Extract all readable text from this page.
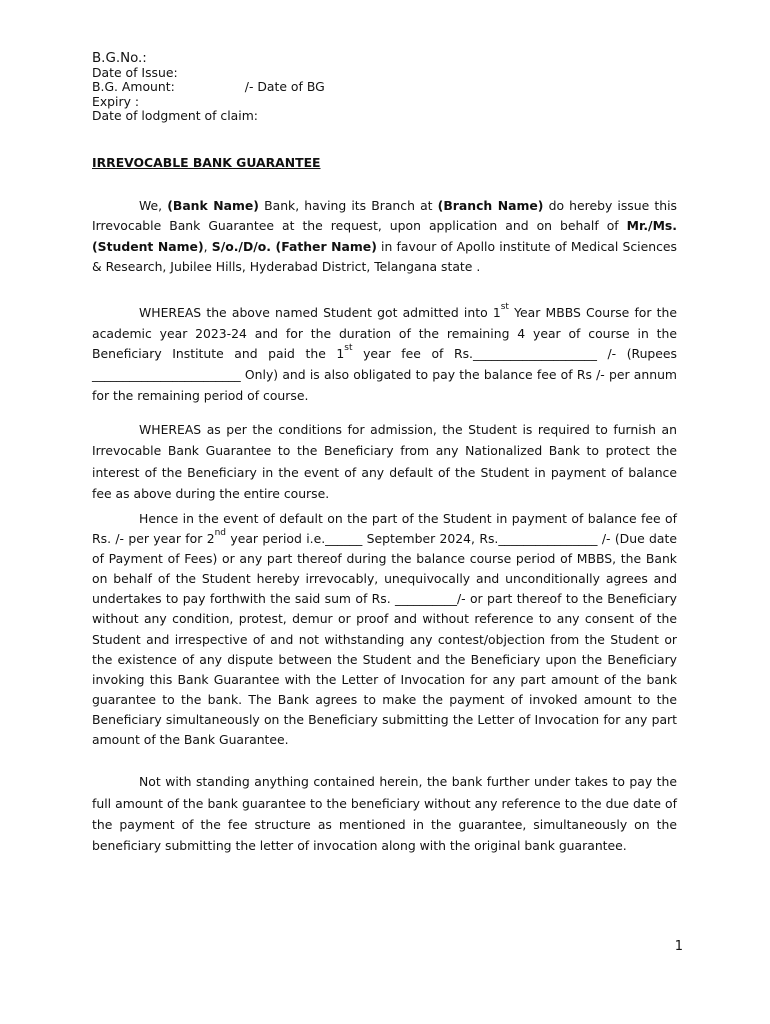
B.G.No.:
Date of Issue:
B.G. Amount:	/- Date of BG
Expiry :
Date of lodgment of claim:
IRREVOCABLE BANK GUARANTEE

We, (Bank Name) Bank, having its Branch at (Branch Name) do hereby issue this Irrevocable Bank Guarantee at the request, upon application and on behalf of Mr./Ms. (Student Name), S/o./D/o. (Father Name) in favour of Apollo institute of Medical Sciences & Research, Jubilee Hills, Hyderabad District, Telangana state .

WHEREAS the above named Student got admitted into 1st Year MBBS Course for the academic year 2023-24 and for the duration of the remaining 4 year of course in the Beneficiary Institute and paid the 1st year fee of Rs.____________________ /- (Rupees ________________________ Only) and is also obligated to pay the balance fee of Rs /- per annum for the remaining period of course.

WHEREAS as per the conditions for admission, the Student is required to furnish an Irrevocable Bank Guarantee to the Beneficiary from any Nationalized Bank to protect the interest of the Beneficiary in the event of any default of the Student in payment of balance fee as above during the entire course.

Hence in the event of default on the part of the Student in payment of balance fee of Rs. /- per year for 2nd year period i.e.______ September 2024, Rs.________________ /- (Due date of Payment of Fees) or any part thereof during the balance course period of MBBS, the Bank on behalf of the Student hereby irrevocably, unequivocally and unconditionally agrees and undertakes to pay forthwith the said sum of Rs. __________/- or part thereof to the Beneficiary without any condition, protest, demur or proof and without reference to any consent of the Student and irrespective of and not withstanding any contest/objection from the Student or the existence of any dispute between the Student and the Beneficiary upon the Beneficiary invoking this Bank Guarantee with the Letter of Invocation for any part amount of the bank guarantee to the bank. The Bank agrees to make the payment of invoked amount to the Beneficiary simultaneously on the Beneficiary submitting the Letter of Invocation for any part amount of the Bank Guarantee.

Not with standing anything contained herein, the bank further under takes to pay the full amount of the bank guarantee to the beneficiary without any reference to the due date of the payment of the fee structure as mentioned in the guarantee, simultaneously on the beneficiary submitting the letter of invocation along with the original bank guarantee.

1
